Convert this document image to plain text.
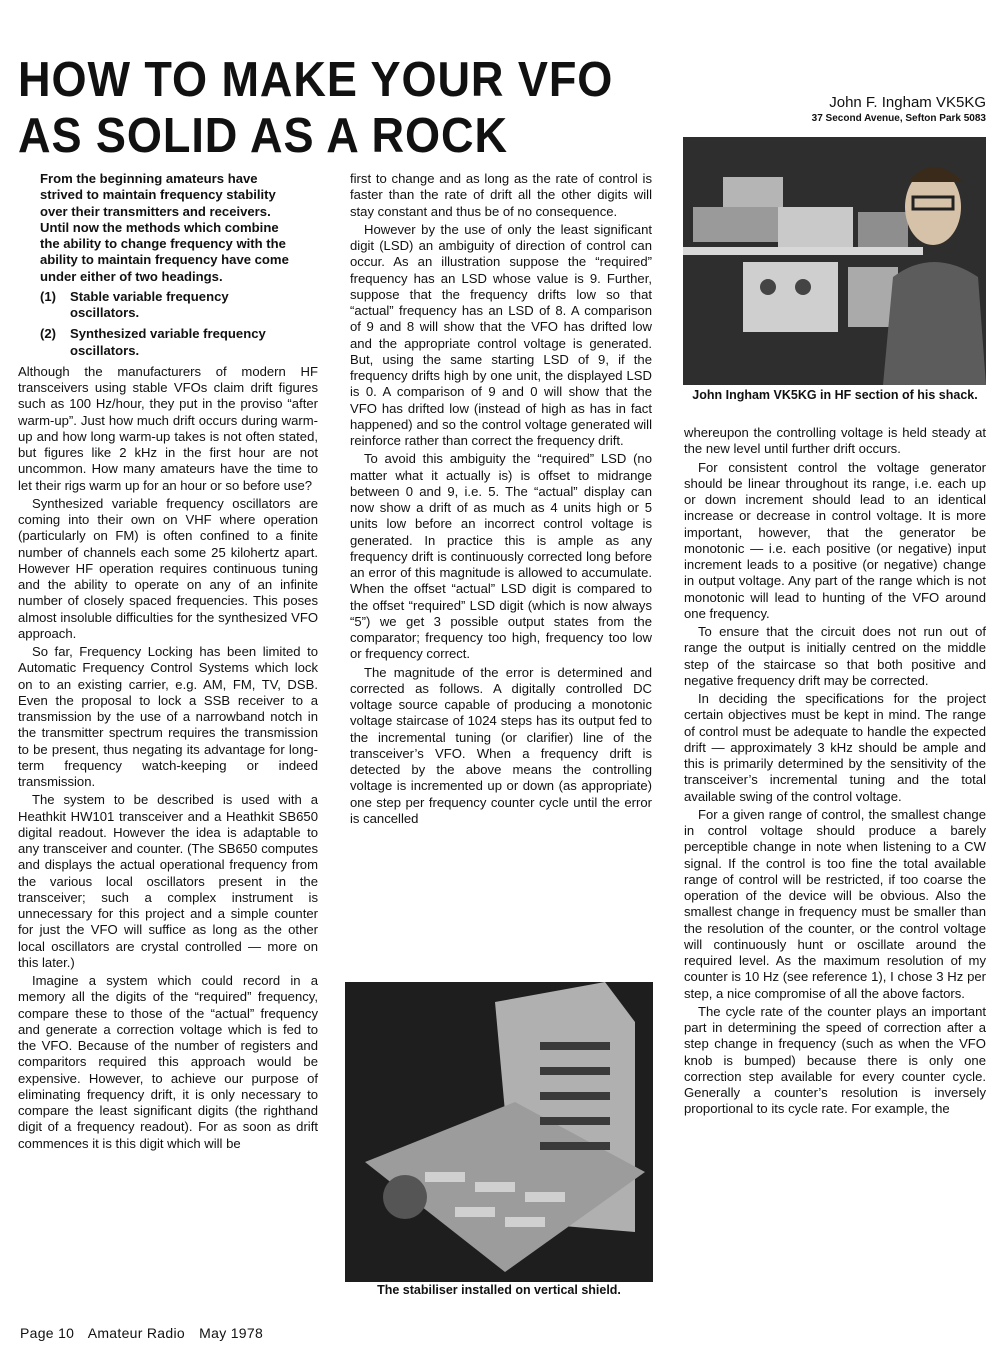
HOW TO MAKE YOUR VFO
AS SOLID AS A ROCK
John F. Ingham VK5KG
37 Second Avenue, Sefton Park 5083

From the beginning amateurs have strived to maintain frequency stability over their transmitters and receivers. Until now the methods which combine the ability to change frequency with the ability to maintain frequency have come under either of two headings.

(1)	Stable variable frequency oscillators.
(2)	Synthesized variable frequency oscillators.

Although the manufacturers of modern HF transceivers using stable VFOs claim drift figures such as 100 Hz/hour, they put in the proviso “after warm-up”. Just how much drift occurs during warm-up and how long warm-up takes is not often stated, but figures like 2 kHz in the first hour are not uncommon. How many amateurs have the time to let their rigs warm up for an hour or so before use?

Synthesized variable frequency oscillators are coming into their own on VHF where operation (particularly on FM) is often confined to a finite number of channels each some 25 kilohertz apart. However HF operation requires continuous tuning and the ability to operate on any of an infinite number of closely spaced frequencies. This poses almost insoluble difficulties for the synthesized VFO approach.

So far, Frequency Locking has been limited to Automatic Frequency Control Systems which lock on to an existing carrier, e.g. AM, FM, TV, DSB. Even the proposal to lock a SSB receiver to a transmission by the use of a narrowband notch in the transmitter spectrum requires the transmission to be present, thus negating its advantage for long-term frequency watch-keeping or indeed transmission.

The system to be described is used with a Heathkit HW101 transceiver and a Heathkit SB650 digital readout. However the idea is adaptable to any transceiver and counter. (The SB650 computes and displays the actual operational frequency from the various local oscillators present in the transceiver; such a complex instrument is unnecessary for this project and a simple counter for just the VFO will suffice as long as the other local oscillators are crystal controlled — more on this later.)

Imagine a system which could record in a memory all the digits of the “required” frequency, compare these to those of the “actual” frequency and generate a correction voltage which is fed to the VFO. Because of the number of registers and comparitors required this approach would be expensive. However, to achieve our purpose of eliminating frequency drift, it is only necessary to compare the least significant digits (the righthand digit of a frequency readout). For as soon as drift commences it is this digit which will be

first to change and as long as the rate of control is faster than the rate of drift all the other digits will stay constant and thus be of no consequence.

However by the use of only the least significant digit (LSD) an ambiguity of direction of control can occur. As an illustration suppose the “required” frequency has an LSD whose value is 9. Further, suppose that the frequency drifts low so that “actual” frequency has an LSD of 8. A comparison of 9 and 8 will show that the VFO has drifted low and the appropriate control voltage is generated. But, using the same starting LSD of 9, if the frequency drifts high by one unit, the displayed LSD is 0. A comparison of 9 and 0 will show that the VFO has drifted low (instead of high as has in fact happened) and so the control voltage generated will reinforce rather than correct the frequency drift.

To avoid this ambiguity the “required” LSD (no matter what it actually is) is offset to midrange between 0 and 9, i.e. 5. The “actual” display can now show a drift of as much as 4 units high or 5 units low before an incorrect control voltage is generated. In practice this is ample as any frequency drift is continuously corrected long before an error of this magnitude is allowed to accumulate. When the offset “actual” LSD digit is compared to the offset “required” LSD digit (which is now always “5”) we get 3 possible output states from the comparator; frequency too high, frequency too low or frequency correct.

The magnitude of the error is determined and corrected as follows. A digitally controlled DC voltage source capable of producing a monotonic voltage staircase of 1024 steps has its output fed to the incremental tuning (or clarifier) line of the transceiver’s VFO. When a frequency drift is detected by the above means the controlling voltage is incremented up or down (as appropriate) one step per frequency counter cycle until the error is cancelled

John Ingham VK5KG in HF section of his shack.

whereupon the controlling voltage is held steady at the new level until further drift occurs.

For consistent control the voltage generator should be linear throughout its range, i.e. each up or down increment should lead to an identical increase or decrease in control voltage. It is more important, however, that the generator be monotonic — i.e. each positive (or negative) input increment leads to a positive (or negative) change in output voltage. Any part of the range which is not monotonic will lead to hunting of the VFO around one frequency.

To ensure that the circuit does not run out of range the output is initially centred on the middle step of the staircase so that both positive and negative frequency drift may be corrected.

In deciding the specifications for the project certain objectives must be kept in mind. The range of control must be adequate to handle the expected drift — approximately 3 kHz should be ample and this is primarily determined by the sensitivity of the transceiver’s incremental tuning and the total available swing of the control voltage.

For a given range of control, the smallest change in control voltage should produce a barely perceptible change in note when listening to a CW signal. If the control is too fine the total available range of control will be restricted, if too coarse the operation of the device will be obvious. Also the smallest change in frequency must be smaller than the resolution of the counter, or the control voltage will continuously hunt or oscillate around the required level. As the maximum resolution of my counter is 10 Hz (see reference 1), I chose 3 Hz per step, a nice compromise of all the above factors.

The cycle rate of the counter plays an important part in determining the speed of correction after a step change in frequency (such as when the VFO knob is bumped) because there is only one correction step available for every counter cycle. Generally a counter’s resolution is inversely proportional to its cycle rate. For example, the

The stabiliser installed on vertical shield.
Page 10 Amateur Radio May 1978
